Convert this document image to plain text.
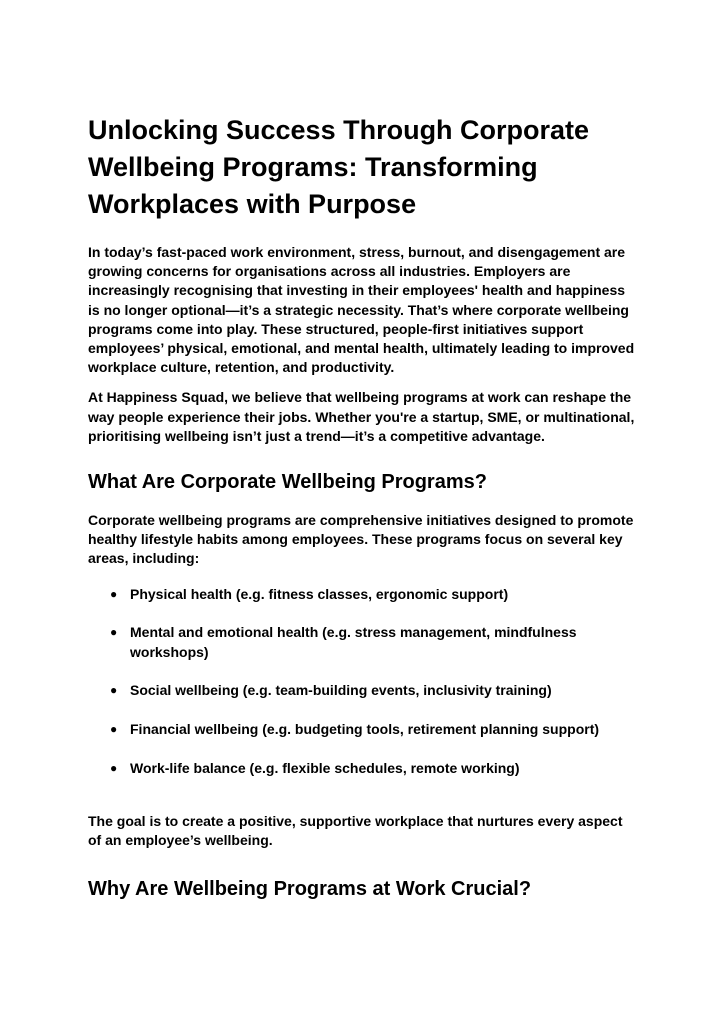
Unlocking Success Through Corporate Wellbeing Programs: Transforming Workplaces with Purpose

In today’s fast-paced work environment, stress, burnout, and disengagement are growing concerns for organisations across all industries. Employers are increasingly recognising that investing in their employees' health and happiness is no longer optional—it’s a strategic necessity. That’s where corporate wellbeing programs come into play. These structured, people-first initiatives support employees’ physical, emotional, and mental health, ultimately leading to improved workplace culture, retention, and productivity.

At Happiness Squad, we believe that wellbeing programs at work can reshape the way people experience their jobs. Whether you're a startup, SME, or multinational, prioritising wellbeing isn’t just a trend—it’s a competitive advantage.

What Are Corporate Wellbeing Programs?

Corporate wellbeing programs are comprehensive initiatives designed to promote healthy lifestyle habits among employees. These programs focus on several key areas, including:

● Physical health (e.g. fitness classes, ergonomic support)
● Mental and emotional health (e.g. stress management, mindfulness workshops)
● Social wellbeing (e.g. team-building events, inclusivity training)
● Financial wellbeing (e.g. budgeting tools, retirement planning support)
● Work-life balance (e.g. flexible schedules, remote working)

The goal is to create a positive, supportive workplace that nurtures every aspect of an employee’s wellbeing.

Why Are Wellbeing Programs at Work Crucial?
